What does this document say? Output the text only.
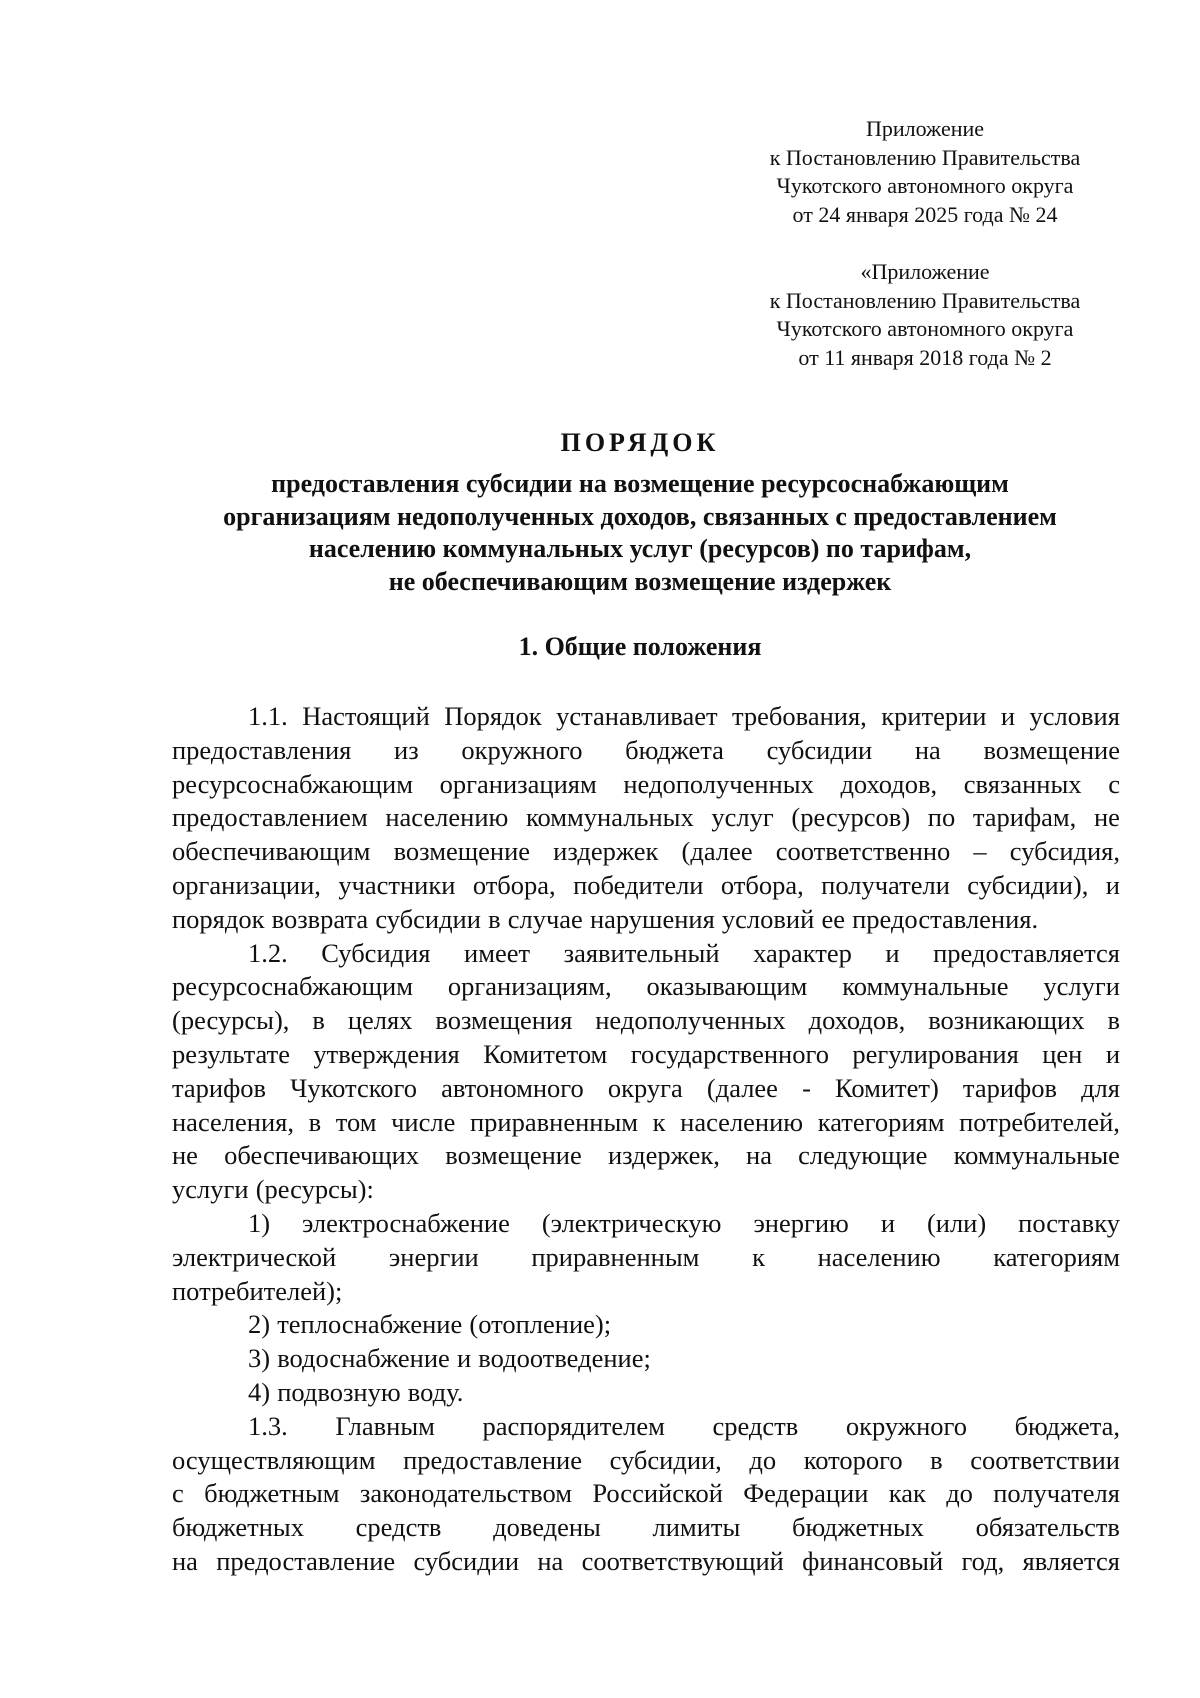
Приложение
к Постановлению Правительства
Чукотского автономного округа
от 24 января 2025 года № 24
«Приложение
к Постановлению Правительства
Чукотского автономного округа
от 11 января 2018 года № 2
ПОРЯДОК
предоставления субсидии на возмещение ресурсоснабжающим
организациям недополученных доходов, связанных с предоставлением
населению коммунальных услуг (ресурсов) по тарифам,
не обеспечивающим возмещение издержек
1. Общие положения
1.1. Настоящий Порядок устанавливает требования, критерии и условия
предоставления из окружного бюджета субсидии на возмещение
ресурсоснабжающим организациям недополученных доходов, связанных с
предоставлением населению коммунальных услуг (ресурсов) по тарифам, не
обеспечивающим возмещение издержек (далее соответственно – субсидия,
организации, участники отбора, победители отбора, получатели субсидии), и
порядок возврата субсидии в случае нарушения условий ее предоставления.
1.2. Субсидия имеет заявительный характер и предоставляется
ресурсоснабжающим организациям, оказывающим коммунальные услуги
(ресурсы), в целях возмещения недополученных доходов, возникающих в
результате утверждения Комитетом государственного регулирования цен и
тарифов Чукотского автономного округа (далее - Комитет) тарифов для
населения, в том числе приравненным к населению категориям потребителей,
не обеспечивающих возмещение издержек, на следующие коммунальные
услуги (ресурсы):
1) электроснабжение (электрическую энергию и (или) поставку
электрической энергии приравненным к населению категориям
потребителей);
2) теплоснабжение (отопление);
3) водоснабжение и водоотведение;
4) подвозную воду.
1.3. Главным распорядителем средств окружного бюджета,
осуществляющим предоставление субсидии, до которого в соответствии
с бюджетным законодательством Российской Федерации как до получателя
бюджетных средств доведены лимиты бюджетных обязательств
на предоставление субсидии на соответствующий финансовый год, является
